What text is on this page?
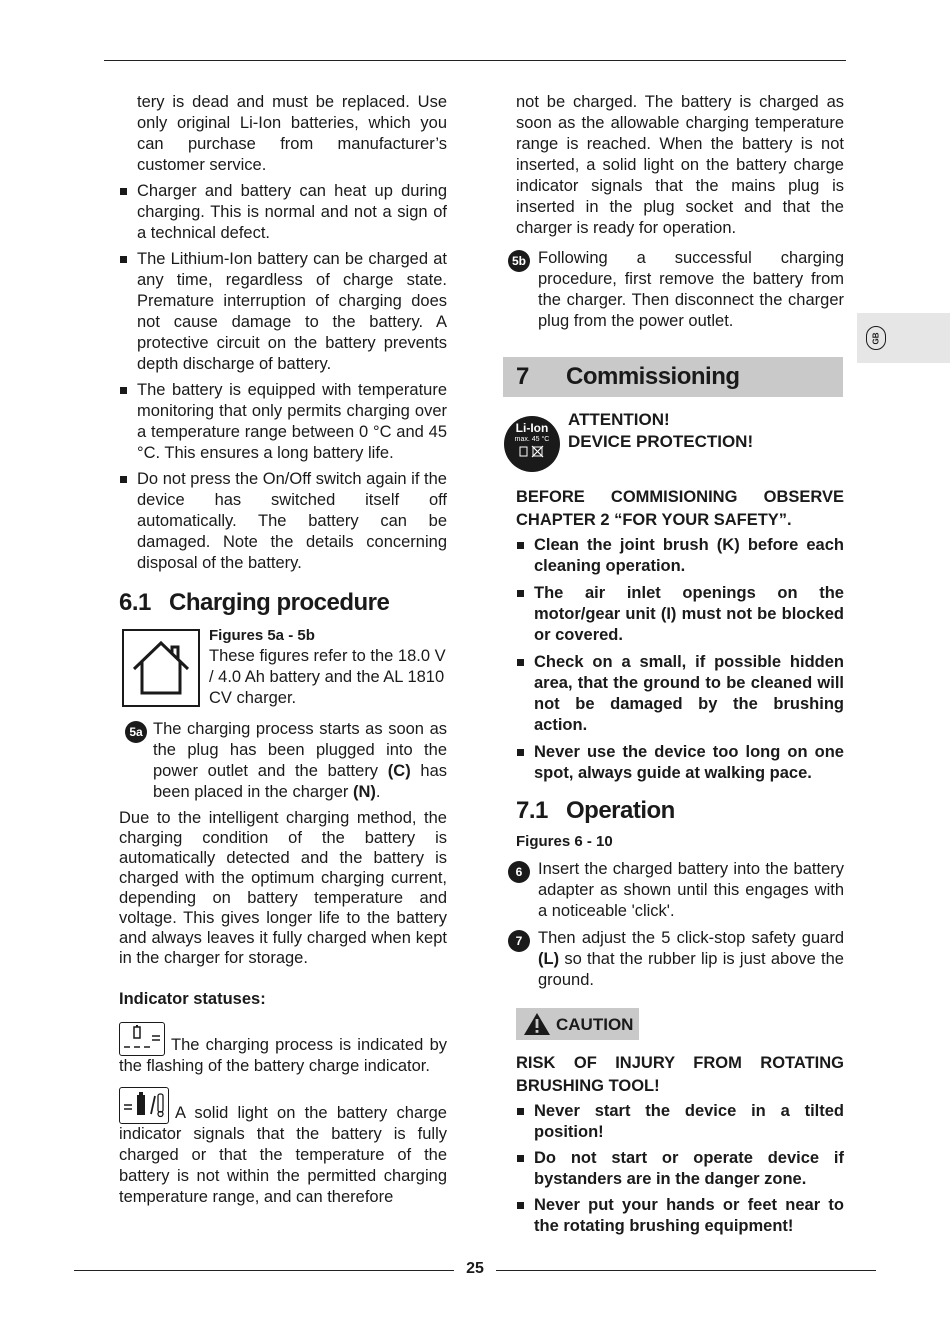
tery is dead and must be replaced. Use only original Li-Ion batteries, which you can purchase from manufacturer’s customer service.

Charger and battery can heat up during charging. This is normal and not a sign of a technical defect.
The Lithium-Ion battery can be charged at any time, regardless of charge state. Premature interruption of charging does not cause damage to the battery. A protective circuit on the battery prevents depth discharge of battery.
The battery is equipped with temperature monitoring that only permits charging over a temperature range between 0 °C and 45 °C. This ensures a long battery life.
Do not press the On/Off switch again if the device has switched itself off automatically. The battery can be damaged. Note the details concerning disposal of the battery.
6.1 Charging procedure
Figures 5a - 5b
These figures refer to the 18.0 V / 4.0 Ah battery and the AL 1810 CV charger.
5a The charging process starts as soon as the plug has been plugged into the power outlet and the battery (C) has been placed in the charger (N).

Due to the intelligent charging method, the charging condition of the battery is automatically detected and the battery is charged with the optimum charging current, depending on battery temperature and voltage. This gives longer life to the battery and always leaves it fully charged when kept in the charger for storage.

Indicator statuses:

The charging process is indicated by the flashing of the battery charge indicator.

A solid light on the battery charge indicator signals that the battery is fully charged or that the temperature of the battery is not within the permitted charging temperature range, and can therefore

not be charged. The battery is charged as soon as the allowable charging temperature range is reached. When the battery is not inserted, a solid light on the battery charge indicator signals that the mains plug is inserted in the plug socket and that the charger is ready for operation.

5b Following a successful charging procedure, first remove the battery from the charger. Then disconnect the charger plug from the power outlet.
7 Commissioning
Li-Ion
max. 45 °C
ATTENTION!
DEVICE PROTECTION!

BEFORE COMMISIONING OBSERVE CHAPTER 2 “FOR YOUR SAFETY”.

Clean the joint brush (K) before each cleaning operation.
The air inlet openings on the motor/gear unit (I) must not be blocked or covered.
Check on a small, if possible hidden area, that the ground to be cleaned will not be damaged by the brushing action.
Never use the device too long on one spot, always guide at walking pace.
7.1 Operation
Figures 6 - 10
6 Insert the charged battery into the battery adapter as shown until this engages with a noticeable 'click'.
7 Then adjust the 5 click-stop safety guard (L) so that the rubber lip is just above the ground.
CAUTION

RISK OF INJURY FROM ROTATING BRUSHING TOOL!

Never start the device in a tilted position!
Do not start or operate device if bystanders are in the danger zone.
Never put your hands or feet near to the rotating brushing equipment!
GB
25
